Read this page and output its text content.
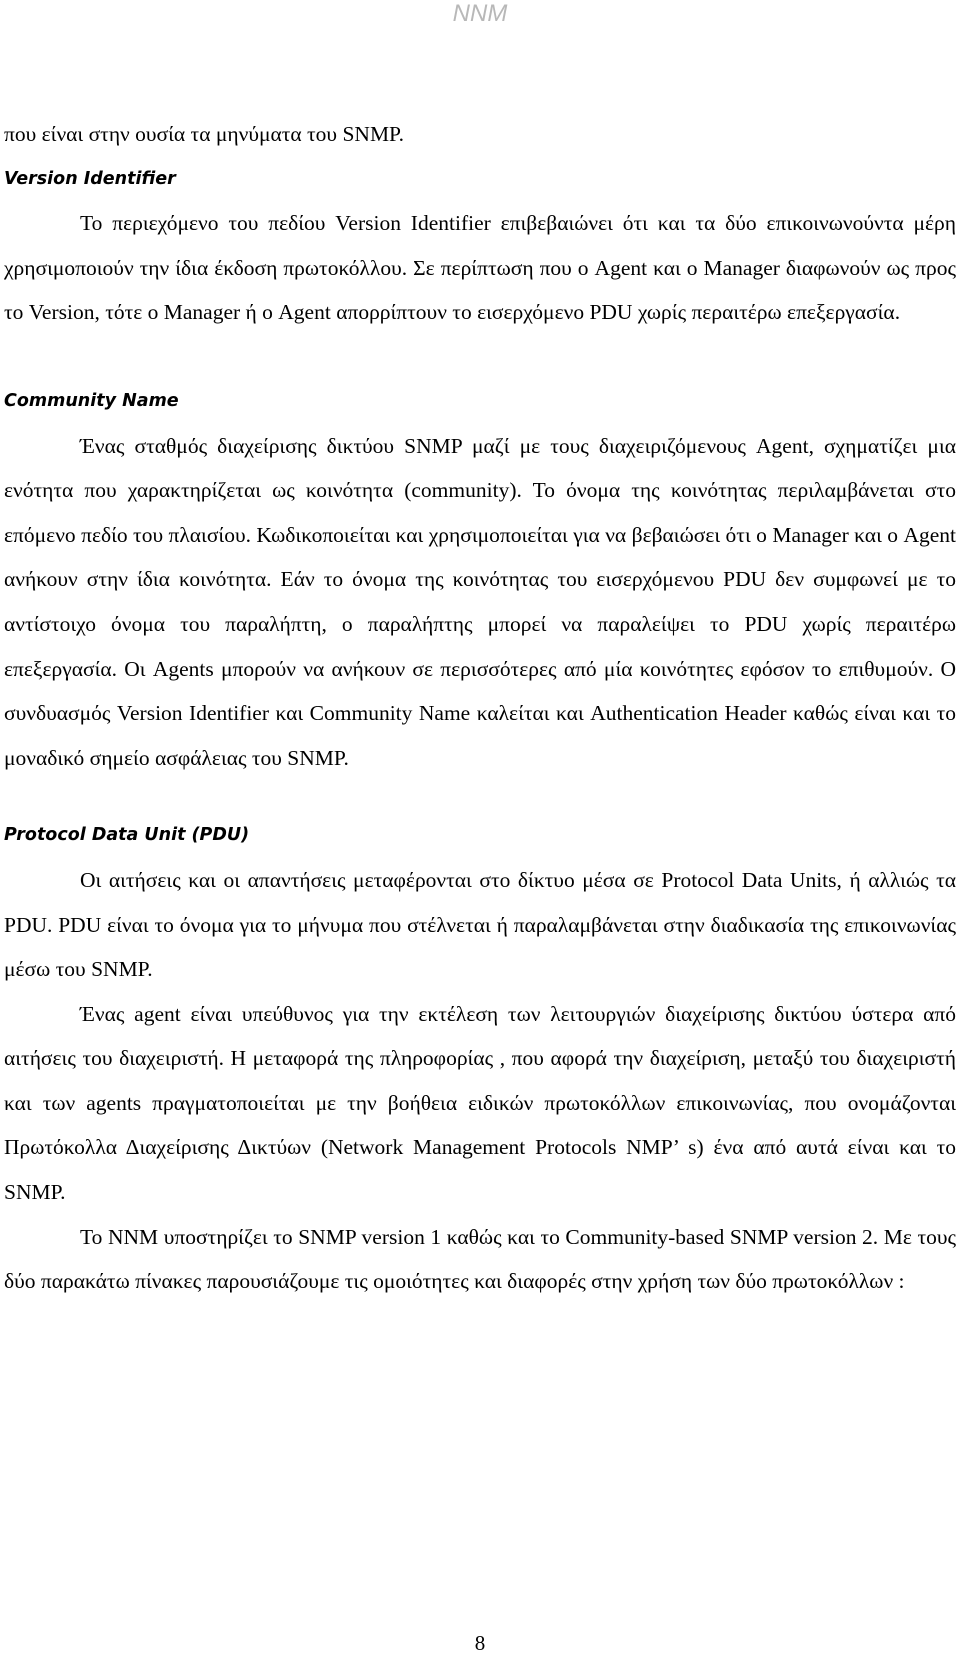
NNM

που είναι στην ουσία τα μηνύματα του SNMP.

Version Identifier

Το περιεχόμενο του πεδίου Version Identifier επιβεβαιώνει ότι και τα δύο επικοινωνούντα μέρη χρησιμοποιούν την ίδια έκδοση πρωτοκόλλου. Σε περίπτωση που ο Agent και ο Manager διαφωνούν ως προς το Version, τότε ο Manager ή ο Agent απορρίπτουν το εισερχόμενο PDU χωρίς περαιτέρω επεξεργασία.

Community Name

Ένας σταθμός διαχείρισης δικτύου SNMP μαζί με τους διαχειριζόμενους Agent, σχηματίζει μια ενότητα που χαρακτηρίζεται ως κοινότητα (community). Το όνομα της κοινότητας περιλαμβάνεται στο επόμενο πεδίο του πλαισίου. Κωδικοποιείται και χρησιμοποιείται για να βεβαιώσει ότι ο Manager και ο Agent ανήκουν στην ίδια κοινότητα. Εάν το όνομα της κοινότητας του εισερχόμενου PDU δεν συμφωνεί με το αντίστοιχο όνομα του παραλήπτη, ο παραλήπτης μπορεί να παραλείψει το PDU χωρίς περαιτέρω επεξεργασία. Οι Agents μπορούν να ανήκουν σε περισσότερες από μία κοινότητες εφόσον το επιθυμούν. Ο συνδυασμός Version Identifier και Community Name καλείται και Authentication Header καθώς είναι και το μοναδικό σημείο ασφάλειας του SNMP.

Protocol Data Unit (PDU)

Οι αιτήσεις και οι απαντήσεις μεταφέρονται στο δίκτυο μέσα σε Protocol Data Units, ή αλλιώς τα PDU. PDU είναι το όνομα για το μήνυμα που στέλνεται ή παραλαμβάνεται στην διαδικασία της επικοινωνίας μέσω του SNMP.

Ένας agent είναι υπεύθυνος για την εκτέλεση των λειτουργιών διαχείρισης δικτύου ύστερα από αιτήσεις του διαχειριστή. Η μεταφορά της πληροφορίας , που αφορά την διαχείριση, μεταξύ του διαχειριστή και των agents πραγματοποιείται με την βοήθεια ειδικών πρωτοκόλλων επικοινωνίας, που ονομάζονται Πρωτόκολλα Διαχείρισης Δικτύων (Network Management Protocols NMP’ s) ένα από αυτά είναι και το SNMP.

Το NNM υποστηρίζει το SNMP version 1 καθώς και το Community-based SNMP version 2. Με τους δύο παρακάτω πίνακες παρουσιάζουμε τις ομοιότητες και διαφορές στην χρήση των δύο πρωτοκόλλων :

8
